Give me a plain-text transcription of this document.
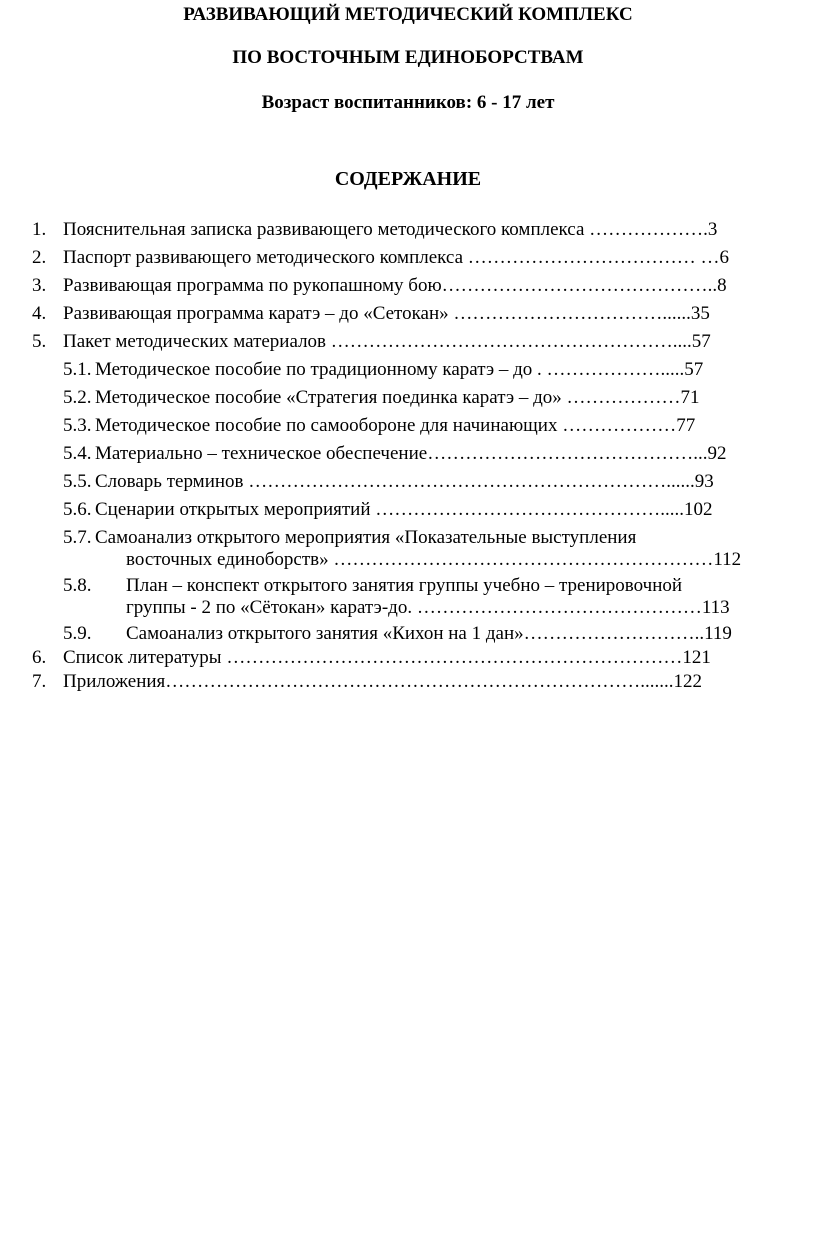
РАЗВИВАЮЩИЙ МЕТОДИЧЕСКИЙ КОМПЛЕКС
ПО ВОСТОЧНЫМ ЕДИНОБОРСТВАМ
Возраст воспитанников: 6 - 17 лет
СОДЕРЖАНИЕ
1. Пояснительная записка развивающего методического комплекса ……………….3
2. Паспорт развивающего методического комплекса ……………………………… …6
3. Развивающая программа по рукопашному бою……………………………………..8
4. Развивающая программа каратэ – до «Сетокан» ……………………………......35
5. Пакет методических материалов ………………………………………………....57
5.1. Методическое пособие по традиционному каратэ – до . ……………….....57
5.2. Методическое пособие «Стратегия поединка каратэ – до» ………………71
5.3. Методическое пособие по самообороне для начинающих ………………77
5.4. Материально – техническое обеспечение……………………………………...92
5.5. Словарь терминов …………………………………………………………......93
5.6. Сценарии открытых мероприятий ……………………………………….....102
5.7. Самоанализ открытого мероприятия «Показательные выступления
восточных единоборств» ……………………………………………………112
5.8. План – конспект открытого занятия группы учебно – тренировочной
группы - 2 по «Сётокан» каратэ-до. ………………………………………113
5.9. Самоанализ открытого занятия «Кихон на 1 дан»………………………..119
6. Список литературы ………………………………………………………………121
7. Приложения………………………………………………………………….......122
